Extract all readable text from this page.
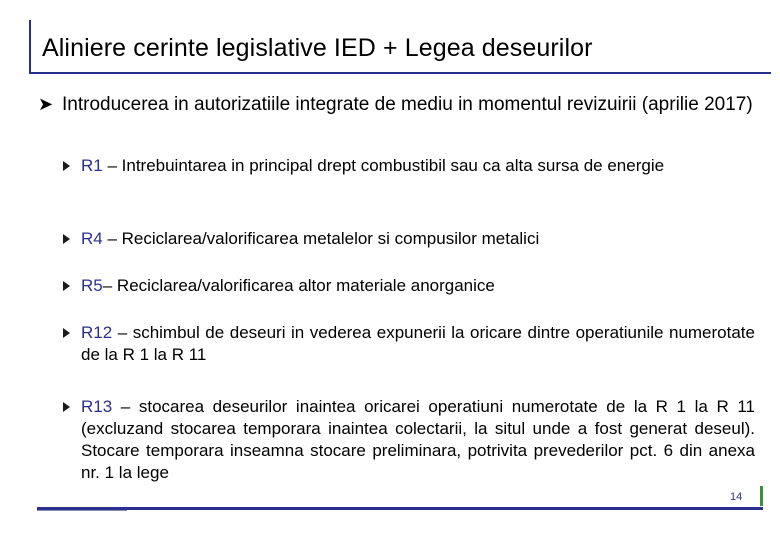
Aliniere cerinte legislative IED + Legea deseurilor
➤ Introducerea in autorizatiile integrate de mediu in momentul revizuirii (aprilie 2017)
R1 – Intrebuintarea in principal drept combustibil sau ca alta sursa de energie
R4 – Reciclarea/valorificarea metalelor si compusilor metalici
R5– Reciclarea/valorificarea altor materiale anorganice
R12 – schimbul de deseuri in vederea expunerii la oricare dintre operatiunile numerotate de la R 1 la R 11
R13 – stocarea deseurilor inaintea oricarei operatiuni numerotate de la R 1 la R 11 (excluzand stocarea temporara inaintea colectarii, la situl unde a fost generat deseul). Stocare temporara inseamna stocare preliminara, potrivita prevederilor pct. 6 din anexa nr. 1 la lege
14
